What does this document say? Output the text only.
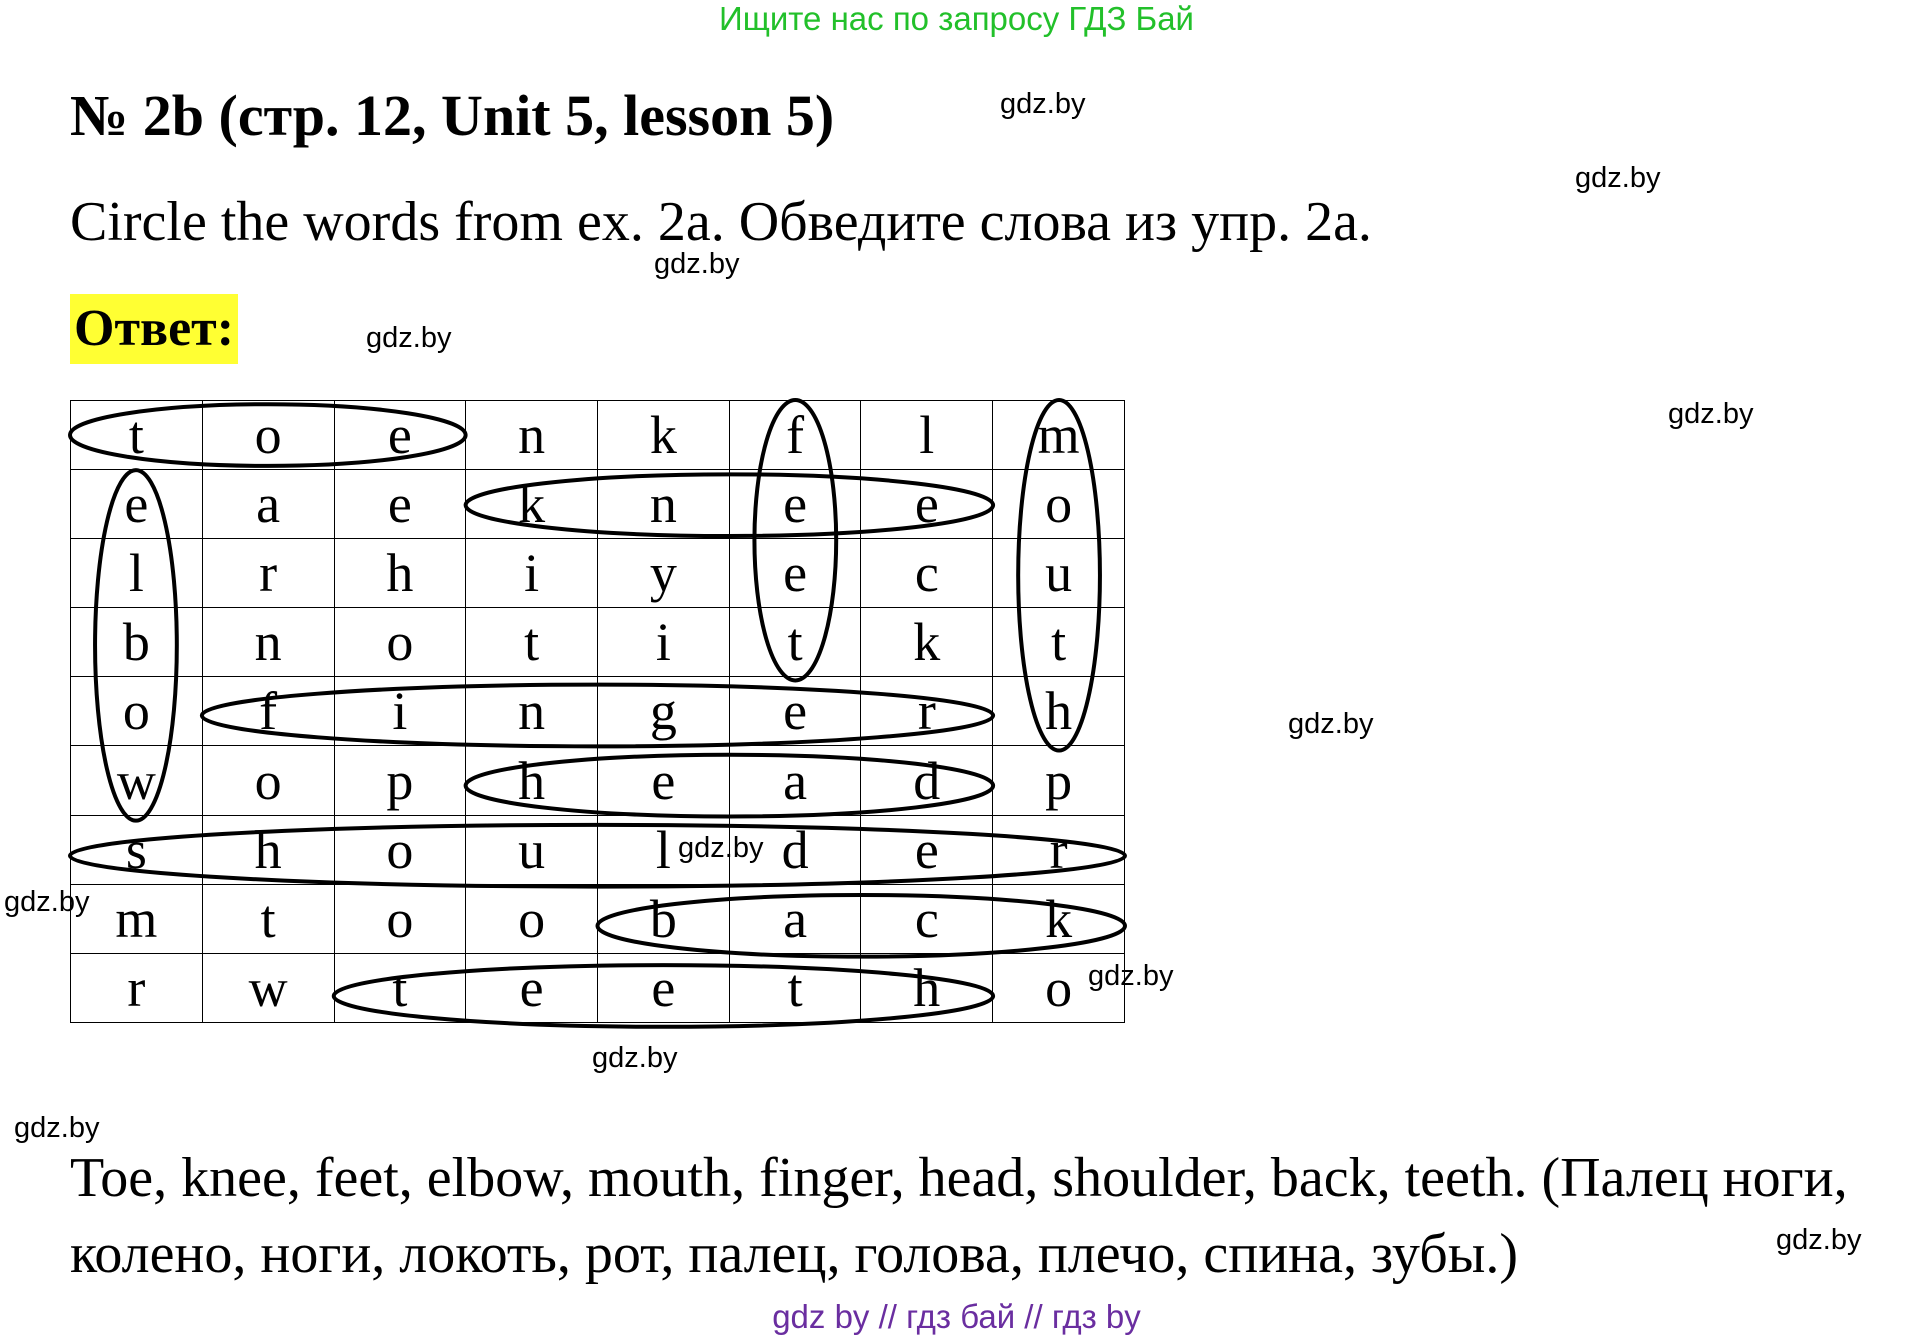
Ищите нас по запросу ГДЗ Бай
№ 2b (стр. 12, Unit 5, lesson 5)
Circle the words from ex. 2a. Обведите слова из упр. 2а.
Ответ:
gdz.by
gdz.by
gdz.by
gdz.by
gdz.by
gdz.by
gdz.by
gdz.by
gdz.by
gdz.by
gdz.by
t	o	e	n	k	f	l	m
e	a	e	k	n	e	e	o
l	r	h	i	y	e	c	u
b	n	o	t	i	t	k	t
o	f	i	n	g	e	r	h
w	o	p	h	e	a	d	p
s	h	o	u	l	d	e	r
m	t	o	o	b	a	c	k
r	w	t	e	e	t	h	o
gdz.by
Toe, knee, feet, elbow, mouth, finger, head, shoulder, back, teeth. (Палец ноги, колено, ноги, локоть, рот, палец, голова, плечо, спина, зубы.)
gdz by // гдз бай // гдз by
